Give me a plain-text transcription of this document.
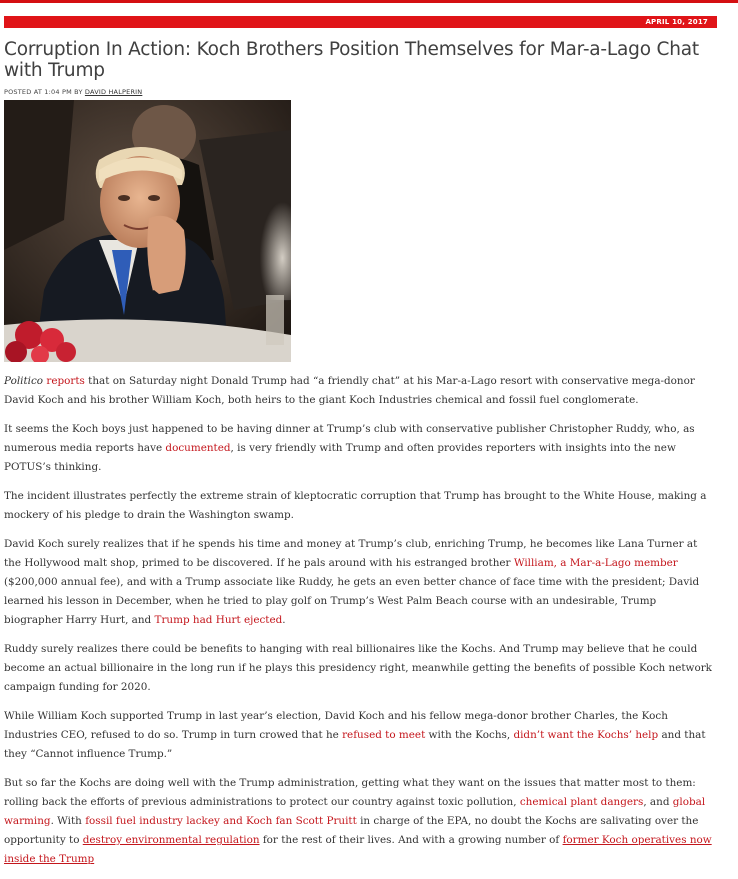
APRIL 10, 2017
Corruption In Action: Koch Brothers Position Themselves for Mar-a-Lago Chat with Trump
POSTED AT 1:04 PM BY DAVID HALPERIN

Politico reports that on Saturday night Donald Trump had “a friendly chat” at his Mar-a-Lago resort with conservative mega-donor David Koch and his brother William Koch, both heirs to the giant Koch Industries chemical and fossil fuel conglomerate.

It seems the Koch boys just happened to be having dinner at Trump’s club with conservative publisher Christopher Ruddy, who, as numerous media reports have documented, is very friendly with Trump and often provides reporters with insights into the new POTUS’s thinking.

The incident illustrates perfectly the extreme strain of kleptocratic corruption that Trump has brought to the White House, making a mockery of his pledge to drain the Washington swamp.

David Koch surely realizes that if he spends his time and money at Trump’s club, enriching Trump, he becomes like Lana Turner at the Hollywood malt shop, primed to be discovered. If he pals around with his estranged brother William, a Mar-a-Lago member ($200,000 annual fee), and with a Trump associate like Ruddy, he gets an even better chance of face time with the president; David learned his lesson in December, when he tried to play golf on Trump’s West Palm Beach course with an undesirable, Trump biographer Harry Hurt, and Trump had Hurt ejected.

Ruddy surely realizes there could be benefits to hanging with real billionaires like the Kochs. And Trump may believe that he could become an actual billionaire in the long run if he plays this presidency right, meanwhile getting the benefits of possible Koch network campaign funding for 2020.

While William Koch supported Trump in last year’s election, David Koch and his fellow mega-donor brother Charles, the Koch Industries CEO, refused to do so. Trump in turn crowed that he refused to meet with the Kochs, didn’t want the Kochs’ help and that they “Cannot influence Trump.”

But so far the Kochs are doing well with the Trump administration, getting what they want on the issues that matter most to them: rolling back the efforts of previous administrations to protect our country against toxic pollution, chemical plant dangers, and global warming. With fossil fuel industry lackey and Koch fan Scott Pruitt in charge of the EPA, no doubt the Kochs are salivating over the opportunity to destroy environmental regulation for the rest of their lives. And with a growing number of former Koch operatives now inside the Trump
